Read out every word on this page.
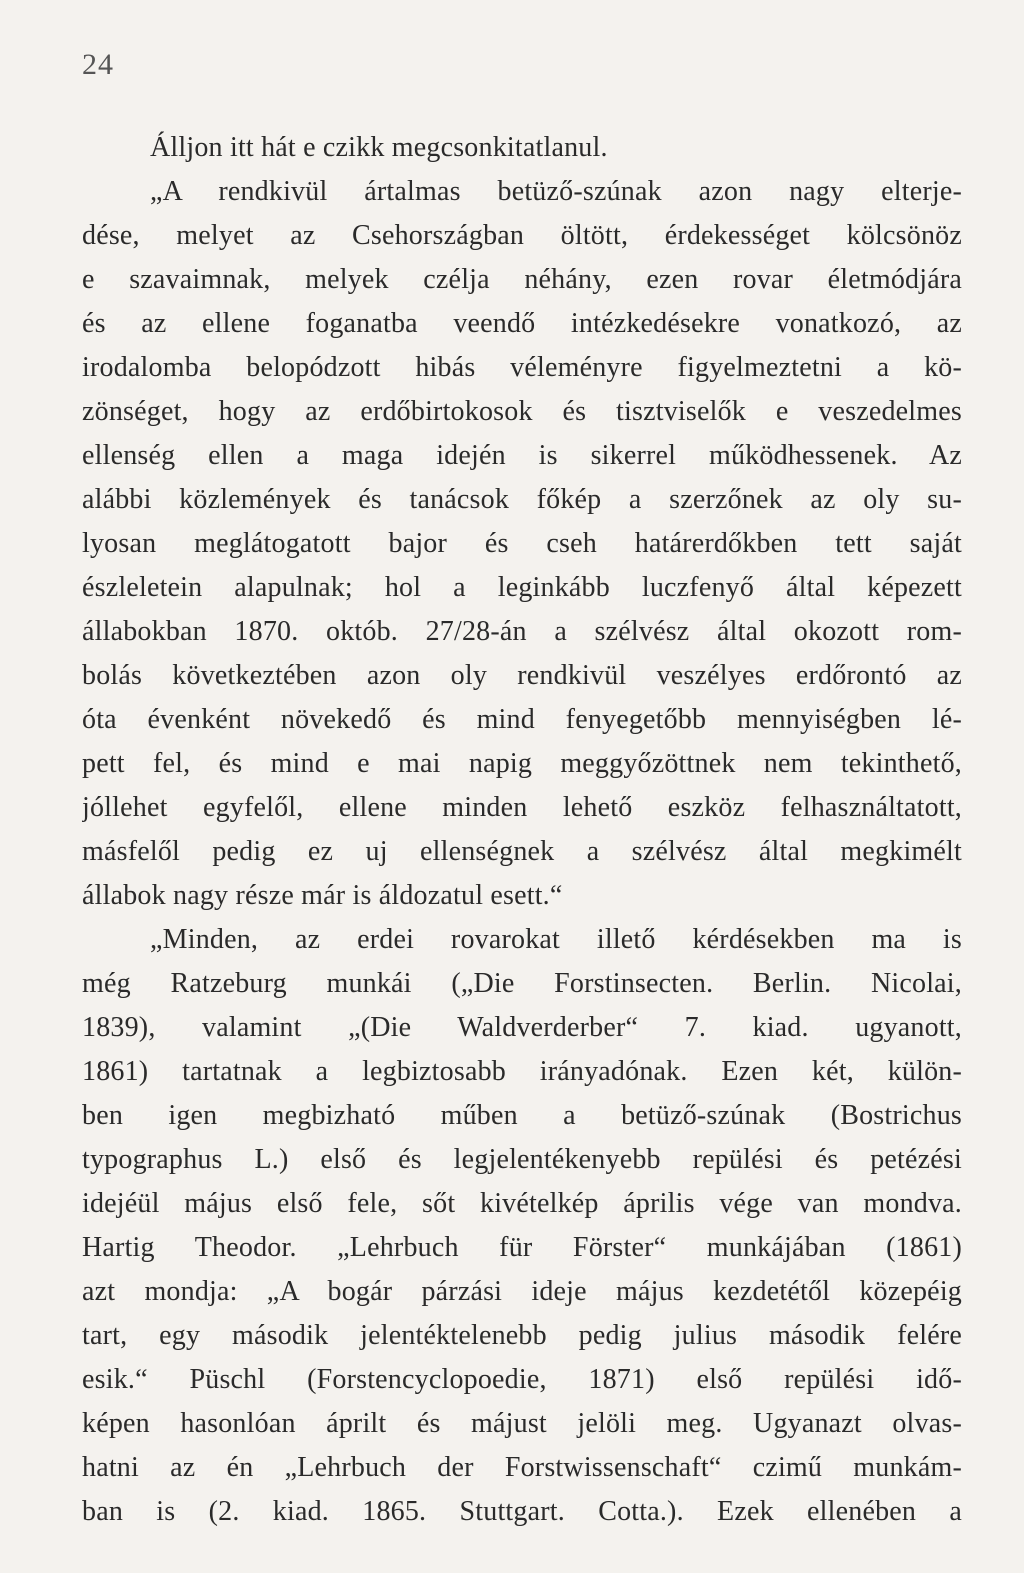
24
Álljon itt hát e czikk megcsonkitatlanul.
„A rendkivül ártalmas betüző-szúnak azon nagy elterje-
dése, melyet az Csehországban öltött, érdekességet kölcsönöz
e szavaimnak, melyek czélja néhány, ezen rovar életmódjára
és az ellene foganatba veendő intézkedésekre vonatkozó, az
irodalomba belopódzott hibás véleményre figyelmeztetni a kö-
zönséget, hogy az erdőbirtokosok és tisztviselők e veszedelmes
ellenség ellen a maga idején is sikerrel működhessenek. Az
alábbi közlemények és tanácsok főkép a szerzőnek az oly su-
lyosan meglátogatott bajor és cseh határerdőkben tett saját
észleletein alapulnak; hol a leginkább luczfenyő által képezett
állabokban 1870. októb. 27/28-án a szélvész által okozott rom-
bolás következtében azon oly rendkivül veszélyes erdőrontó az
óta évenként növekedő és mind fenyegetőbb mennyiségben lé-
pett fel, és mind e mai napig meggyőzöttnek nem tekinthető,
jóllehet egyfelől, ellene minden lehető eszköz felhasználtatott,
másfelől pedig ez uj ellenségnek a szélvész által megkimélt
állabok nagy része már is áldozatul esett.“
„Minden, az erdei rovarokat illető kérdésekben ma is
még Ratzeburg munkái („Die Forstinsecten. Berlin. Nicolai,
1839), valamint „(Die Waldverderber“ 7. kiad. ugyanott,
1861) tartatnak a legbiztosabb irányadónak. Ezen két, külön-
ben igen megbizható műben a betüző-szúnak (Bostrichus
typographus L.) első és legjelentékenyebb repülési és petézési
idejéül május első fele, sőt kivételkép április vége van mondva.
Hartig Theodor. „Lehrbuch für Förster“ munkájában (1861)
azt mondja: „A bogár párzási ideje május kezdetétől közepéig
tart, egy második jelentéktelenebb pedig julius második felére
esik.“ Püschl (Forstencyclopoedie, 1871) első repülési idő-
képen hasonlóan áprilt és májust jelöli meg. Ugyanazt olvas-
hatni az én „Lehrbuch der Forstwissenschaft“ czimű munkám-
ban is (2. kiad. 1865. Stuttgart. Cotta.). Ezek ellenében a
